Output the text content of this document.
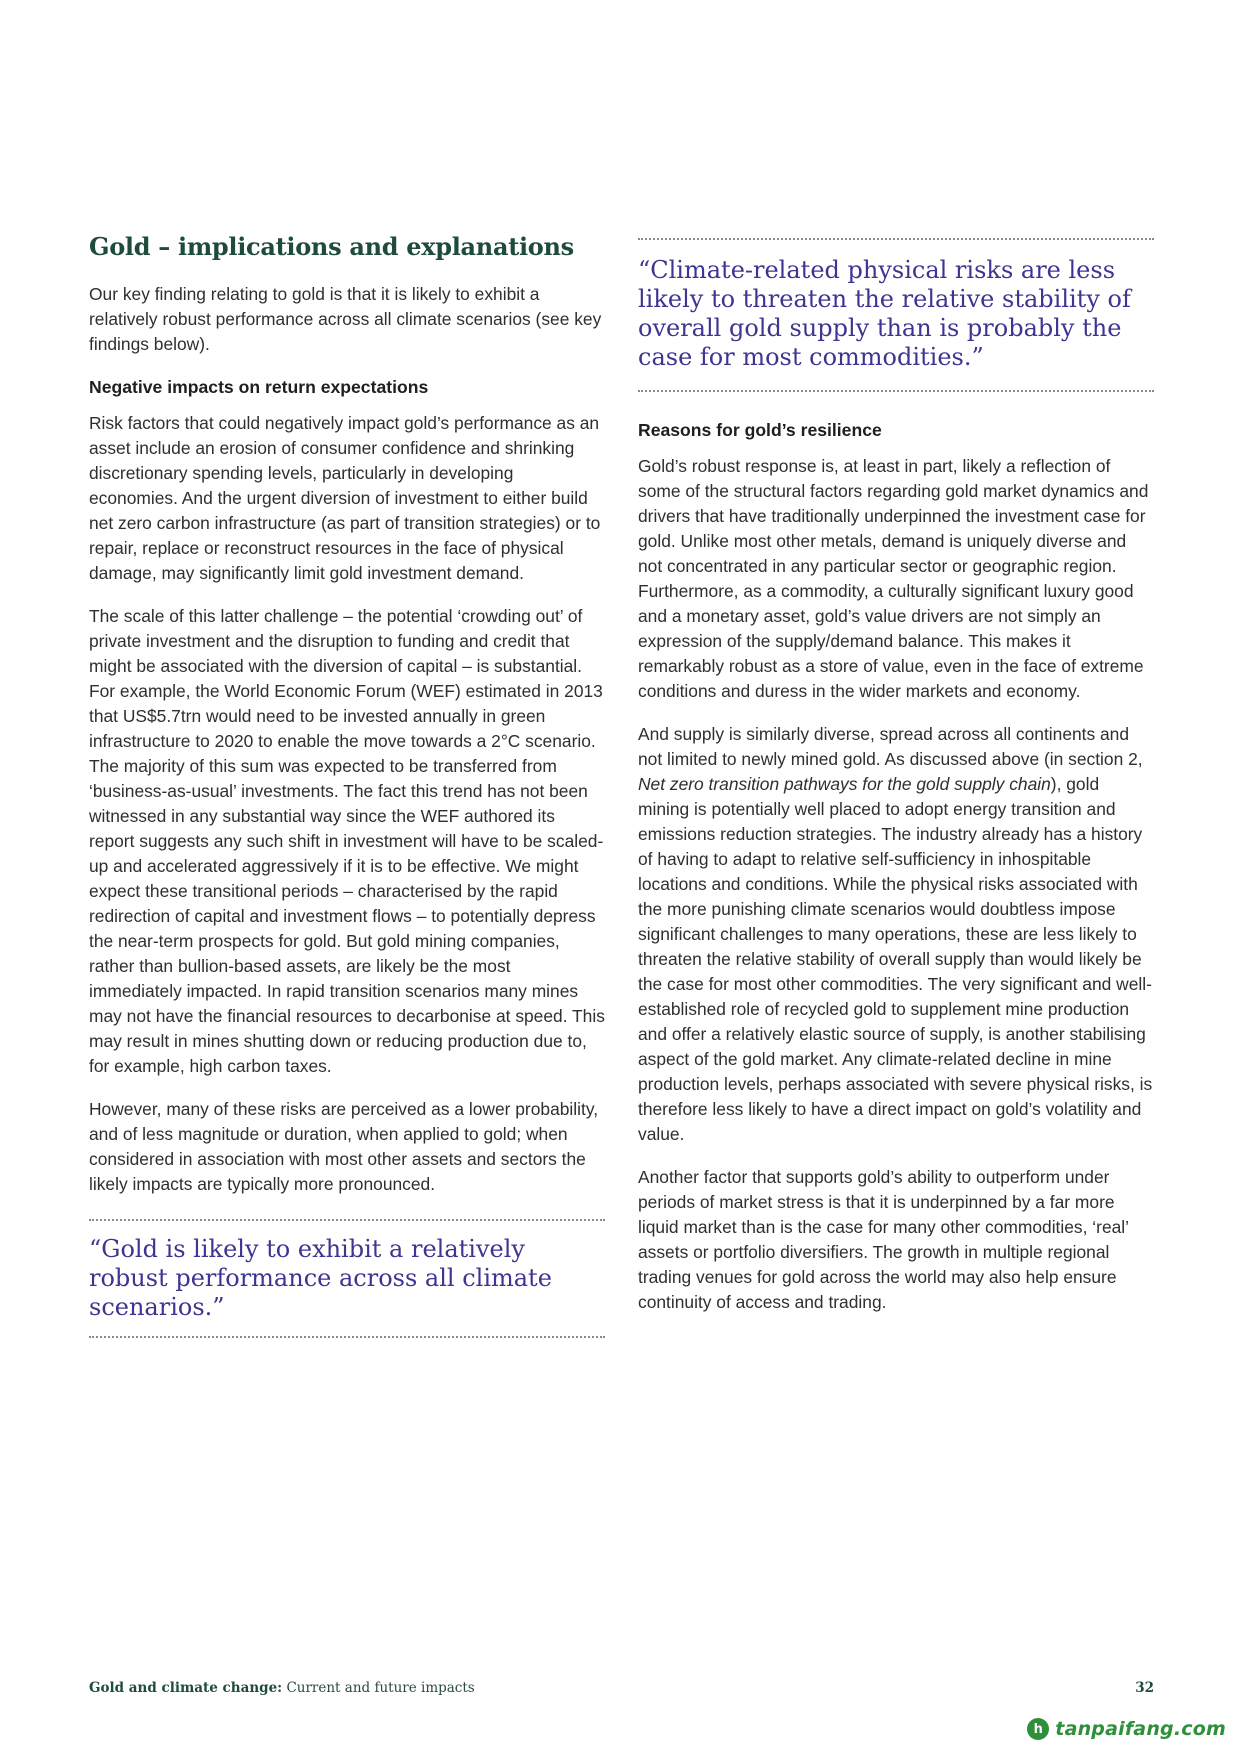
Gold – implications and explanations

Our key finding relating to gold is that it is likely to exhibit a relatively robust performance across all climate scenarios (see key findings below).

Negative impacts on return expectations

Risk factors that could negatively impact gold’s performance as an asset include an erosion of consumer confidence and shrinking discretionary spending levels, particularly in developing economies. And the urgent diversion of investment to either build net zero carbon infrastructure (as part of transition strategies) or to repair, replace or reconstruct resources in the face of physical damage, may significantly limit gold investment demand.

The scale of this latter challenge – the potential ‘crowding out’ of private investment and the disruption to funding and credit that might be associated with the diversion of capital – is substantial. For example, the World Economic Forum (WEF) estimated in 2013 that US$5.7trn would need to be invested annually in green infrastructure to 2020 to enable the move towards a 2°C scenario. The majority of this sum was expected to be transferred from ‘business-as-usual’ investments. The fact this trend has not been witnessed in any substantial way since the WEF authored its report suggests any such shift in investment will have to be scaled-up and accelerated aggressively if it is to be effective. We might expect these transitional periods – characterised by the rapid redirection of capital and investment flows – to potentially depress the near-term prospects for gold. But gold mining companies, rather than bullion-based assets, are likely be the most immediately impacted. In rapid transition scenarios many mines may not have the financial resources to decarbonise at speed. This may result in mines shutting down or reducing production due to, for example, high carbon taxes.

However, many of these risks are perceived as a lower probability, and of less magnitude or duration, when applied to gold; when considered in association with most other assets and sectors the likely impacts are typically more pronounced.

“Gold is likely to exhibit a relatively robust performance across all climate scenarios.”

“Climate-related physical risks are less likely to threaten the relative stability of overall gold supply than is probably the case for most commodities.”

Reasons for gold’s resilience

Gold’s robust response is, at least in part, likely a reflection of some of the structural factors regarding gold market dynamics and drivers that have traditionally underpinned the investment case for gold. Unlike most other metals, demand is uniquely diverse and not concentrated in any particular sector or geographic region. Furthermore, as a commodity, a culturally significant luxury good and a monetary asset, gold’s value drivers are not simply an expression of the supply/demand balance. This makes it remarkably robust as a store of value, even in the face of extreme conditions and duress in the wider markets and economy.

And supply is similarly diverse, spread across all continents and not limited to newly mined gold. As discussed above (in section 2, Net zero transition pathways for the gold supply chain), gold mining is potentially well placed to adopt energy transition and emissions reduction strategies. The industry already has a history of having to adapt to relative self-sufficiency in inhospitable locations and conditions. While the physical risks associated with the more punishing climate scenarios would doubtless impose significant challenges to many operations, these are less likely to threaten the relative stability of overall supply than would likely be the case for most other commodities. The very significant and well-established role of recycled gold to supplement mine production and offer a relatively elastic source of supply, is another stabilising aspect of the gold market. Any climate-related decline in mine production levels, perhaps associated with severe physical risks, is therefore less likely to have a direct impact on gold’s volatility and value.

Another factor that supports gold’s ability to outperform under periods of market stress is that it is underpinned by a far more liquid market than is the case for many other commodities, ‘real’ assets or portfolio diversifiers. The growth in multiple regional trading venues for gold across the world may also help ensure continuity of access and trading.

Gold and climate change: Current and future impacts	32
h tanpaifang.com
